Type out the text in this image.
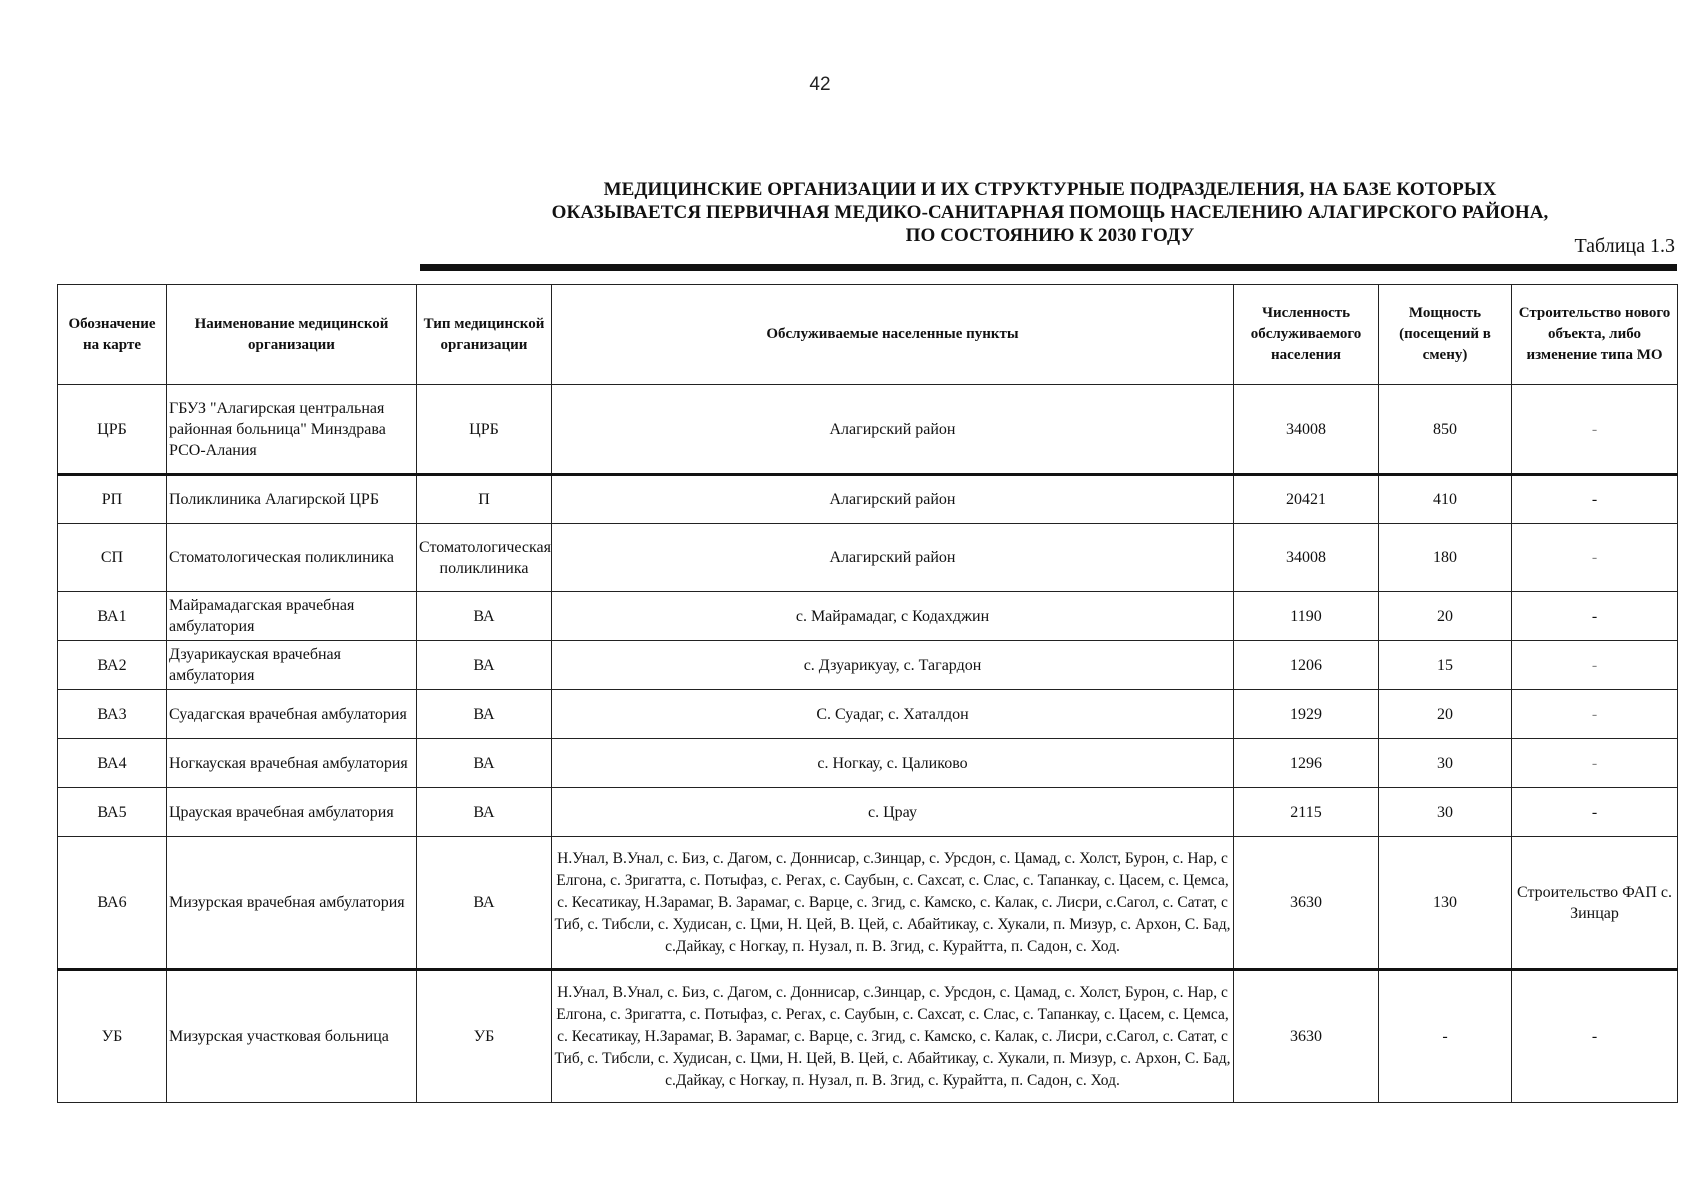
42
МЕДИЦИНСКИЕ ОРГАНИЗАЦИИ И ИХ СТРУКТУРНЫЕ ПОДРАЗДЕЛЕНИЯ, НА БАЗЕ КОТОРЫХ
ОКАЗЫВАЕТСЯ ПЕРВИЧНАЯ МЕДИКО-САНИТАРНАЯ ПОМОЩЬ НАСЕЛЕНИЮ АЛАГИРСКОГО РАЙОНА,
ПО СОСТОЯНИЮ К 2030 ГОДУ	Таблица 1.3
Обозначение на карте	Наименование медицинской организации	Тип медицинской организации	Обслуживаемые населенные пункты	Численность обслуживаемого населения	Мощность (посещений в смену)	Строительство нового объекта, либо изменение типа МО
ЦРБ	ГБУЗ "Алагирская центральная районная больница" Минздрава РСО-Алания	ЦРБ	Алагирский район	34008	850	-
РП	Поликлиника Алагирской ЦРБ	П	Алагирский район	20421	410	-
СП	Стоматологическая поликлиника	Стоматологическая поликлиника	Алагирский район	34008	180	-
ВА1	Майрамадагская врачебная амбулатория	ВА	с. Майрамадаг, с Кодахджин	1190	20	-
ВА2	Дзуарикауская врачебная амбулатория	ВА	с. Дзуарикуау, с. Тагардон	1206	15	-
ВА3	Суадагская врачебная амбулатория	ВА	С. Суадаг, с. Хаталдон	1929	20	-
ВА4	Ногкауская врачебная амбулатория	ВА	с. Ногкау, с. Цаликово	1296	30	-
ВА5	Црауская врачебная амбулатория	ВА	с. Црау	2115	30	-
ВА6	Мизурская врачебная амбулатория	ВА	Н.Унал, В.Унал, с. Биз, с. Дагом, с. Доннисар, с.Зинцар, с. Урсдон, с. Цамад, с. Холст, Бурон, с. Нар, с Елгона, с. Зригатта, с. Потыфаз, с. Регах, с. Саубын, с. Сахсат, с. Слас, с. Тапанкау, с. Цасем, с. Цемса, с. Кесатикау, Н.Зарамаг, В. Зарамаг, с. Варце, с. Згид, с. Камско, с. Калак, с. Лисри, с.Сагол, с. Сатат, с Тиб, с. Тибсли, с. Худисан, с. Цми, Н. Цей, В. Цей, с. Абайтикау, с. Хукали, п. Мизур, с. Архон, С. Бад, с.Дайкау, с Ногкау, п. Нузал, п. В. Згид, с. Курайтта, п. Садон, с. Ход.	3630	130	Строительство ФАП с. Зинцар
УБ	Мизурская участковая больница	УБ	Н.Унал, В.Унал, с. Биз, с. Дагом, с. Доннисар, с.Зинцар, с. Урсдон, с. Цамад, с. Холст, Бурон, с. Нар, с Елгона, с. Зригатта, с. Потыфаз, с. Регах, с. Саубын, с. Сахсат, с. Слас, с. Тапанкау, с. Цасем, с. Цемса, с. Кесатикау, Н.Зарамаг, В. Зарамаг, с. Варце, с. Згид, с. Камско, с. Калак, с. Лисри, с.Сагол, с. Сатат, с Тиб, с. Тибсли, с. Худисан, с. Цми, Н. Цей, В. Цей, с. Абайтикау, с. Хукали, п. Мизур, с. Архон, С. Бад, с.Дайкау, с Ногкау, п. Нузал, п. В. Згид, с. Курайтта, п. Садон, с. Ход.	3630	-	-
